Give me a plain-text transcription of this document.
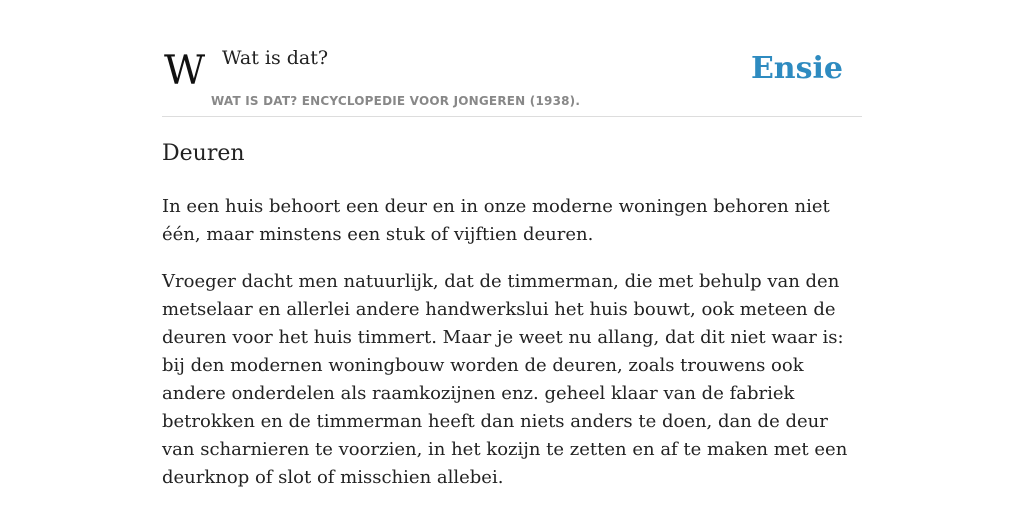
W	Wat is dat?
WAT IS DAT? ENCYCLOPEDIE VOOR JONGEREN (1938).
Ensie
Deuren

In een huis behoort een deur en in onze moderne woningen behoren niet één, maar minstens een stuk of vijftien deuren.

Vroeger dacht men natuurlijk, dat de timmerman, die met behulp van den metselaar en allerlei andere handwerkslui het huis bouwt, ook meteen de deuren voor het huis timmert. Maar je weet nu allang, dat dit niet waar is: bij den modernen woningbouw worden de deuren, zoals trouwens ook andere onderdelen als raamkozijnen enz. geheel klaar van de fabriek betrokken en de timmerman heeft dan niets anders te doen, dan de deur van scharnieren te voorzien, in het kozijn te zetten en af te maken met een deurknop of slot of misschien allebei.
